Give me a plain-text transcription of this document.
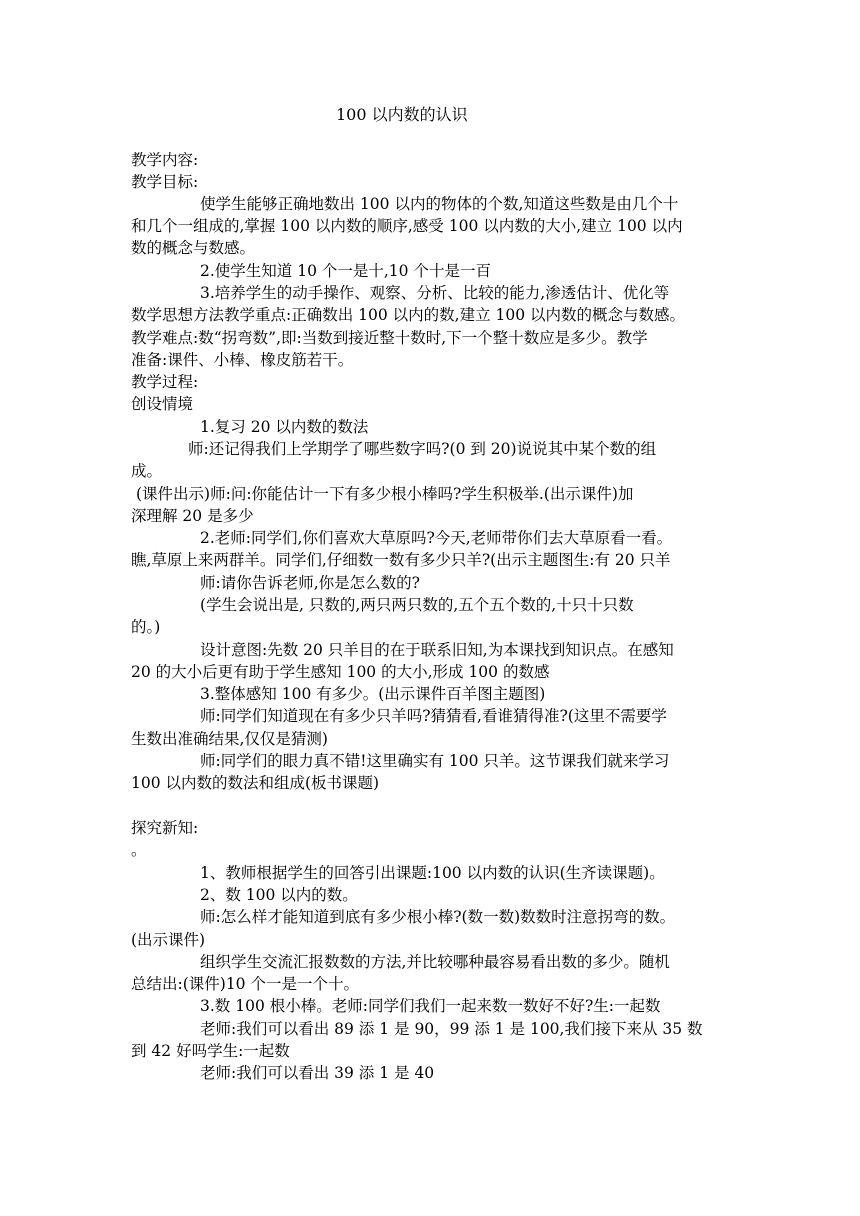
100 以内数的认识
教学内容:
教学目标:
使学生能够正确地数出 100 以内的物体的个数,知道这些数是由几个十
和几个一组成的,掌握 100 以内数的顺序,感受 100 以内数的大小,建立 100 以内
数的概念与数感。
2.使学生知道 10 个一是十,10 个十是一百
3.培养学生的动手操作、观察、分析、比较的能力,渗透估计、优化等
数学思想方法教学重点:正确数出 100 以内的数,建立 100 以内数的概念与数感。
教学难点:数“拐弯数”,即:当数到接近整十数时,下一个整十数应是多少。教学
准备:课件、小棒、橡皮筋若干。
教学过程:
创设情境
1.复习 20 以内数的数法
师:还记得我们上学期学了哪些数字吗?(0 到 20)说说其中某个数的组
成。
(课件出示)师:问:你能估计一下有多少根小棒吗?学生积极举.(出示课件)加
深理解 20 是多少
2.老师:同学们,你们喜欢大草原吗?今天,老师带你们去大草原看一看。
瞧,草原上来两群羊。同学们,仔细数一数有多少只羊?(出示主题图生:有 20 只羊
师:请你告诉老师,你是怎么数的?
(学生会说出是, 只数的,两只两只数的,五个五个数的,十只十只数
的。)
设计意图:先数 20 只羊目的在于联系旧知,为本课找到知识点。在感知
20 的大小后更有助于学生感知 100 的大小,形成 100 的数感
3.整体感知 100 有多少。(出示课件百羊图主题图)
师:同学们知道现在有多少只羊吗?猜猜看,看谁猜得准?(这里不需要学
生数出准确结果,仅仅是猜测)
师:同学们的眼力真不错!这里确实有 100 只羊。这节课我们就来学习
100 以内数的数法和组成(板书课题)
探究新知:
。
1、教师根据学生的回答引出课题:100 以内数的认识(生齐读课题)。
2、数 100 以内的数。
师:怎么样才能知道到底有多少根小棒?(数一数)数数时注意拐弯的数。
(出示课件)
组织学生交流汇报数数的方法,并比较哪种最容易看出数的多少。随机
总结出:(课件)10 个一是一个十。
3.数 100 根小棒。老师:同学们我们一起来数一数好不好?生:一起数
老师:我们可以看出 89 添 1 是 90，99 添 1 是 100,我们接下来从 35 数
到 42 好吗学生:一起数
老师:我们可以看出 39 添 1 是 40
